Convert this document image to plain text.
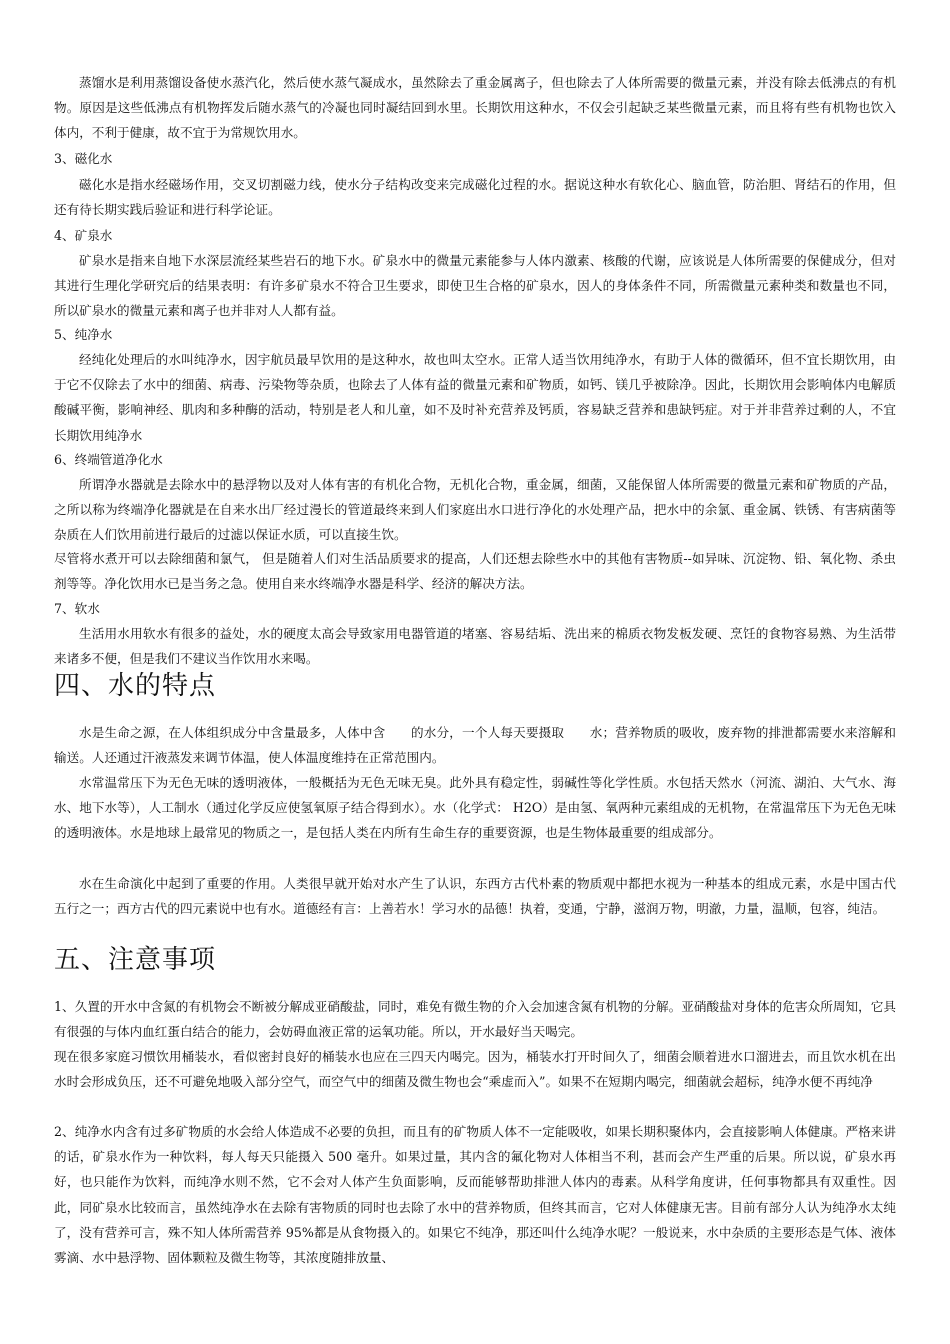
蒸馏水是利用蒸馏设备使水蒸汽化，然后使水蒸气凝成水，虽然除去了重金属离子，但也除去了人体所需要的微量元素，并没有除去低沸点的有机物。原因是这些低沸点有机物挥发后随水蒸气的冷凝也同时凝结回到水里。长期饮用这种水，不仅会引起缺乏某些微量元素，而且将有些有机物也饮入体内，不利于健康，故不宜于为常规饮用水。

3、磁化水

磁化水是指水经磁场作用，交叉切割磁力线，使水分子结构改变来完成磁化过程的水。据说这种水有软化心、脑血管，防治胆、肾结石的作用，但还有待长期实践后验证和进行科学论证。

4、矿泉水

矿泉水是指来自地下水深层流经某些岩石的地下水。矿泉水中的微量元素能参与人体内激素、核酸的代谢，应该说是人体所需要的保健成分，但对其进行生理化学研究后的结果表明：有许多矿泉水不符合卫生要求，即使卫生合格的矿泉水，因人的身体条件不同，所需微量元素种类和数量也不同，所以矿泉水的微量元素和离子也并非对人人都有益。

5、纯净水

经纯化处理后的水叫纯净水，因宇航员最早饮用的是这种水，故也叫太空水。正常人适当饮用纯净水，有助于人体的微循环，但不宜长期饮用，由于它不仅除去了水中的细菌、病毒、污染物等杂质，也除去了人体有益的微量元素和矿物质，如钙、镁几乎被除净。因此，长期饮用会影响体内电解质酸碱平衡，影响神经、肌肉和多种酶的活动，特别是老人和儿童，如不及时补充营养及钙质，容易缺乏营养和患缺钙症。对于并非营养过剩的人，不宜长期饮用纯净水

6、终端管道净化水

所谓净水器就是去除水中的悬浮物以及对人体有害的有机化合物，无机化合物，重金属，细菌，又能保留人体所需要的微量元素和矿物质的产品，之所以称为终端净化器就是在自来水出厂经过漫长的管道最终来到人们家庭出水口进行净化的水处理产品，把水中的余氯、重金属、铁锈、有害病菌等杂质在人们饮用前进行最后的过滤以保证水质，可以直接生饮。

尽管将水煮开可以去除细菌和氯气， 但是随着人们对生活品质要求的提高，人们还想去除些水中的其他有害物质--如异味、沉淀物、铅、氧化物、杀虫剂等等。净化饮用水已是当务之急。使用自来水终端净水器是科学、经济的解决方法。

7、软水

生活用水用软水有很多的益处，水的硬度太高会导致家用电器管道的堵塞、容易结垢、洗出来的棉质衣物发板发硬、烹饪的食物容易熟、为生活带来诸多不便，但是我们不建议当作饮用水来喝。

四、水的特点

水是生命之源，在人体组织成分中含量最多，人体中含　　的水分，一个人每天要摄取　　水；营养物质的吸收，废弃物的排泄都需要水来溶解和输送。人还通过汗液蒸发来调节体温，使人体温度维持在正常范围内。

水常温常压下为无色无味的透明液体，一般概括为无色无味无臭。此外具有稳定性，弱碱性等化学性质。水包括天然水（河流、湖泊、大气水、海水、地下水等），人工制水（通过化学反应使氢氧原子结合得到水）。水（化学式： H2O）是由氢、氧两种元素组成的无机物，在常温常压下为无色无味的透明液体。水是地球上最常见的物质之一，是包括人类在内所有生命生存的重要资源，也是生物体最重要的组成部分。

水在生命演化中起到了重要的作用。人类很早就开始对水产生了认识，东西方古代朴素的物质观中都把水视为一种基本的组成元素，水是中国古代五行之一；西方古代的四元素说中也有水。道德经有言：上善若水！学习水的品德！执着，变通，宁静，滋润万物，明澈，力量，温顺，包容，纯洁。

五、注意事项

1、久置的开水中含氮的有机物会不断被分解成亚硝酸盐，同时，难免有微生物的介入会加速含氮有机物的分解。亚硝酸盐对身体的危害众所周知，它具有很强的与体内血红蛋白结合的能力，会妨碍血液正常的运氧功能。所以，开水最好当天喝完。

现在很多家庭习惯饮用桶装水，看似密封良好的桶装水也应在三四天内喝完。因为，桶装水打开时间久了，细菌会顺着进水口溜进去，而且饮水机在出水时会形成负压，还不可避免地吸入部分空气，而空气中的细菌及微生物也会“乘虚而入”。如果不在短期内喝完，细菌就会超标，纯净水便不再纯净

2、纯净水内含有过多矿物质的水会给人体造成不必要的负担，而且有的矿物质人体不一定能吸收，如果长期积聚体内，会直接影响人体健康。严格来讲的话，矿泉水作为一种饮料，每人每天只能摄入 500 毫升。如果过量，其内含的氟化物对人体相当不利，甚而会产生严重的后果。所以说，矿泉水再好，也只能作为饮料，而纯净水则不然，它不会对人体产生负面影响，反而能够帮助排泄人体内的毒素。从科学角度讲，任何事物都具有双重性。因此，同矿泉水比较而言，虽然纯净水在去除有害物质的同时也去除了水中的营养物质，但终其而言，它对人体健康无害。目前有部分人认为纯净水太纯了，没有营养可言，殊不知人体所需营养 95%都是从食物摄入的。如果它不纯净，那还叫什么纯净水呢？一般说来，水中杂质的主要形态是气体、液体雾滴、水中悬浮物、固体颗粒及微生物等，其浓度随排放量、
